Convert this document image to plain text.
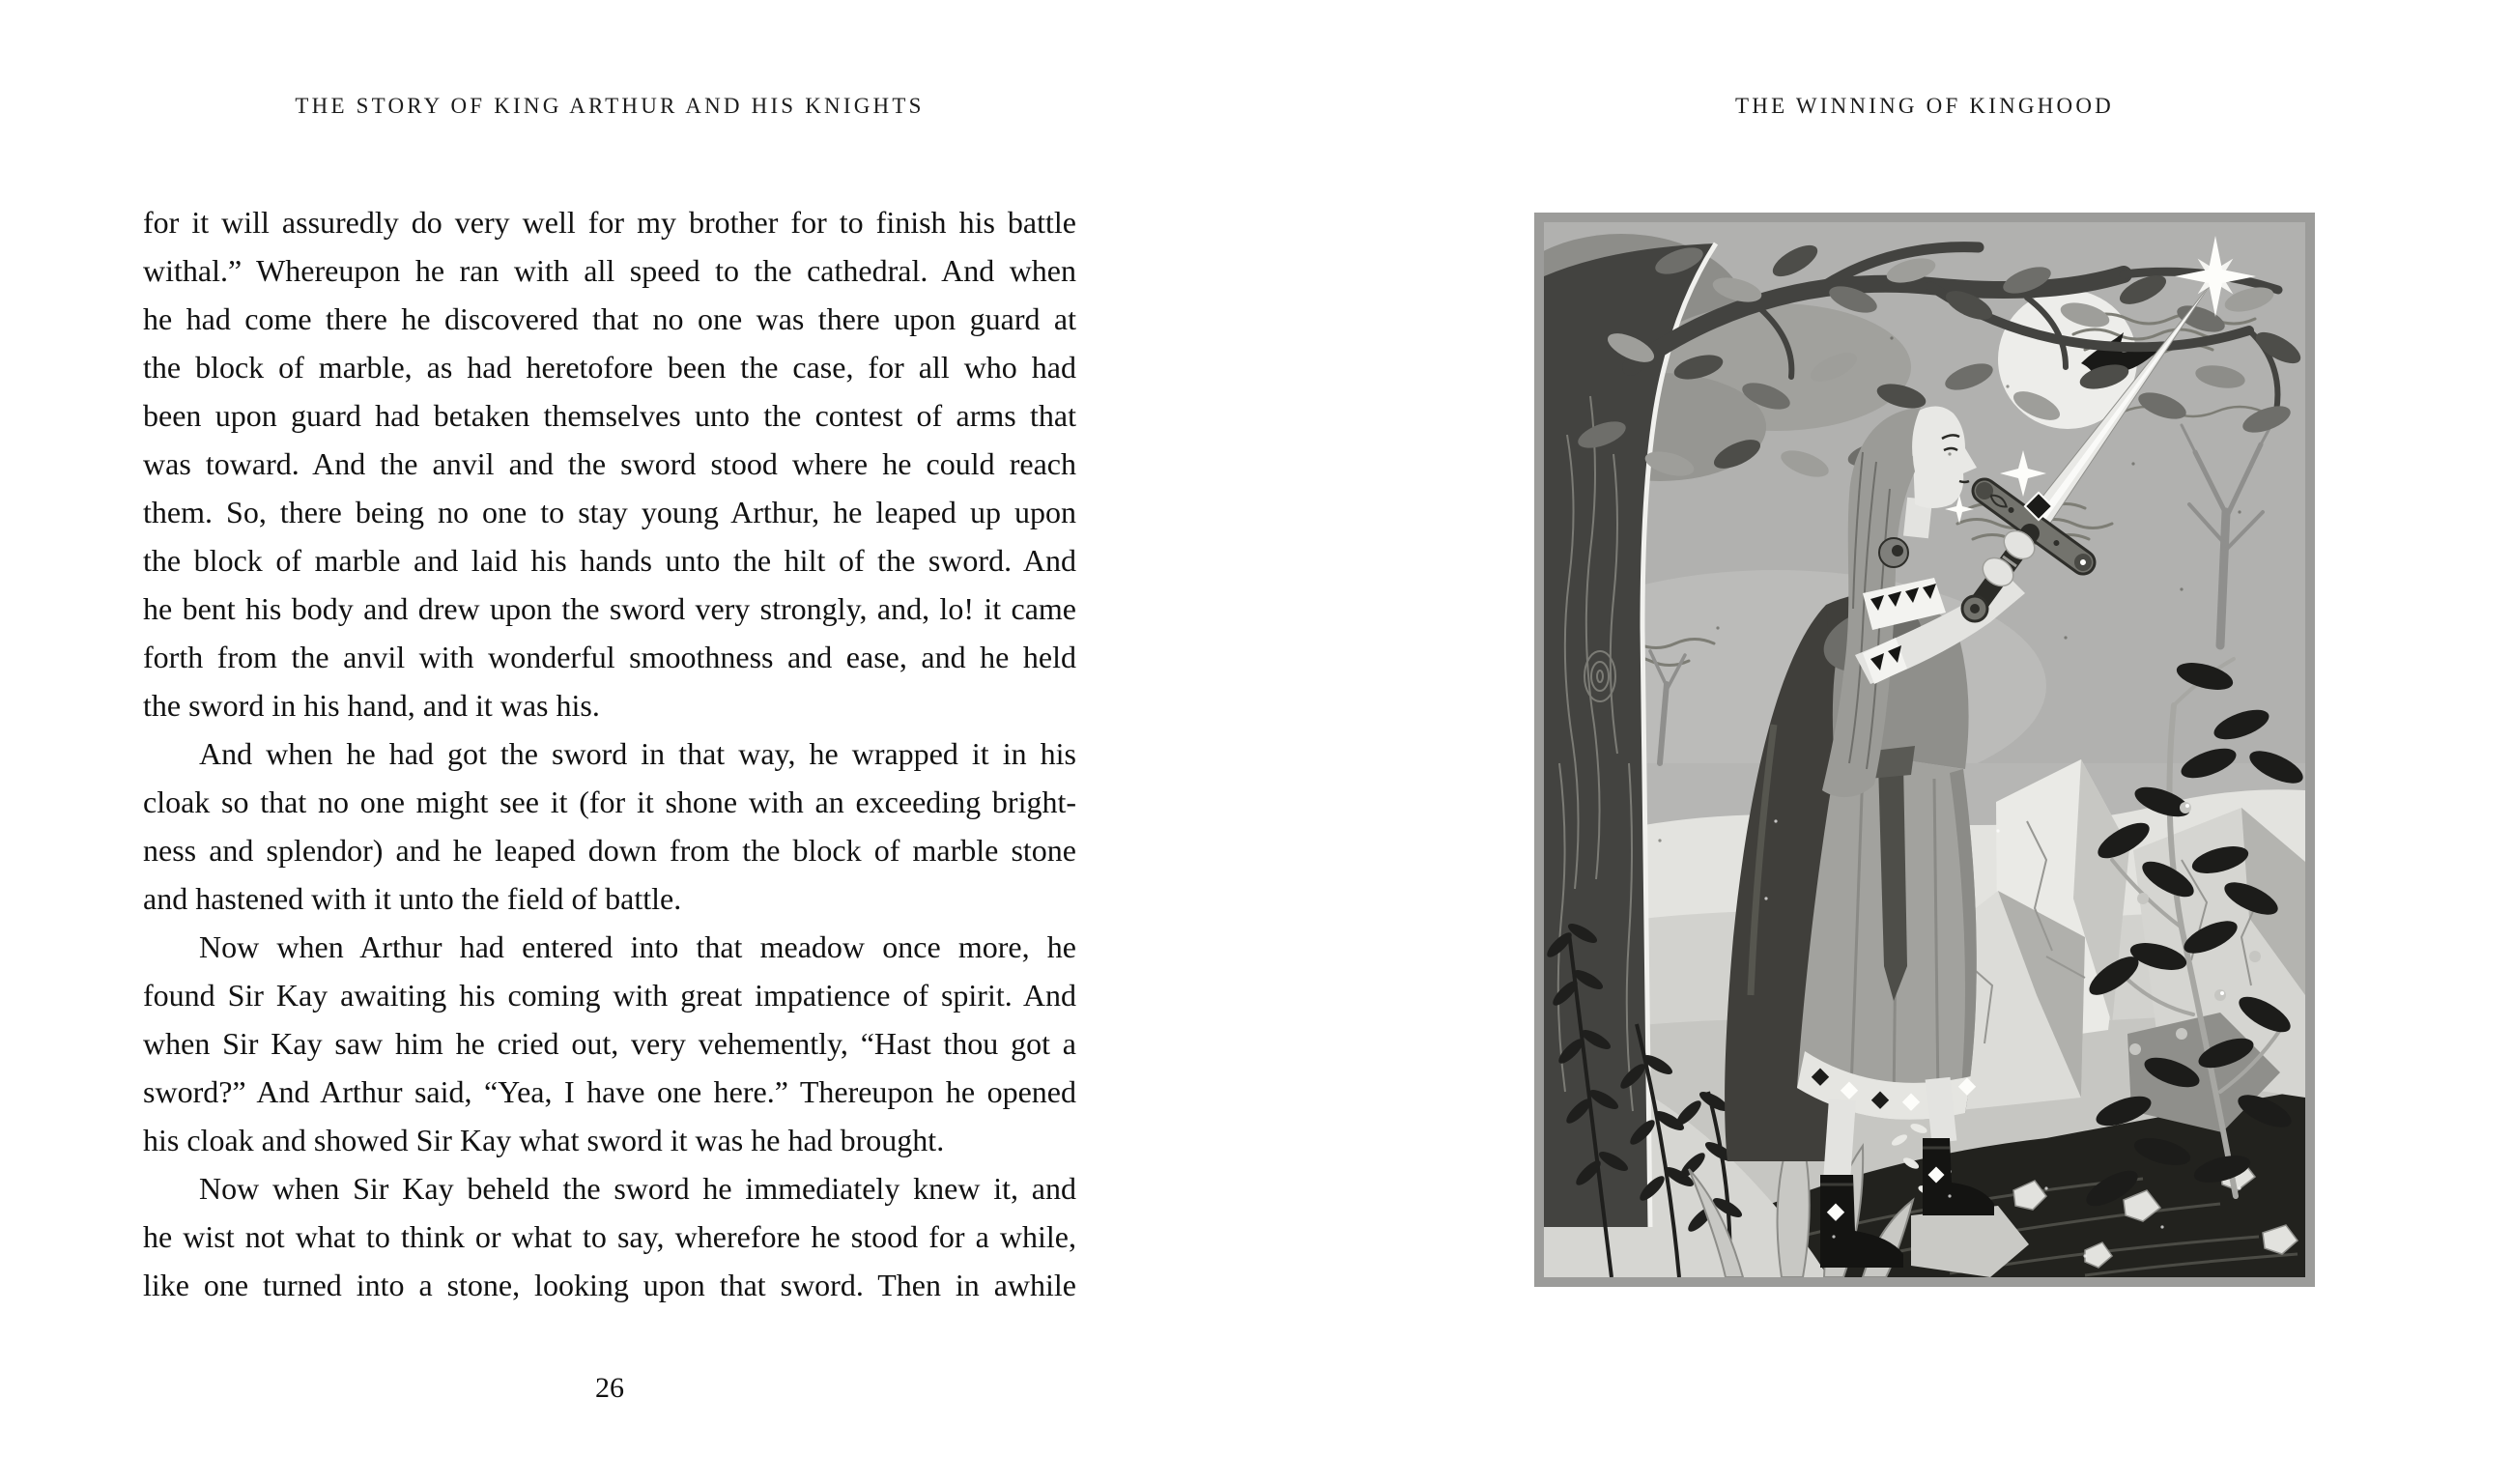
THE STORY OF KING ARTHUR AND HIS KNIGHTS
for it will assuredly do very well for my brother for to finish his battle
withal.” Whereupon he ran with all speed to the cathedral. And when
he had come there he discovered that no one was there upon guard at
the block of marble, as had heretofore been the case, for all who had
been upon guard had betaken themselves unto the contest of arms that
was toward. And the anvil and the sword stood where he could reach
them. So, there being no one to stay young Arthur, he leaped up upon
the block of marble and laid his hands unto the hilt of the sword. And
he bent his body and drew upon the sword very strongly, and, lo! it came
forth from the anvil with wonderful smoothness and ease, and he held
the sword in his hand, and it was his.
And when he had got the sword in that way, he wrapped it in his
cloak so that no one might see it (for it shone with an exceeding bright-
ness and splendor) and he leaped down from the block of marble stone
and hastened with it unto the field of battle.
Now when Arthur had entered into that meadow once more, he
found Sir Kay awaiting his coming with great impatience of spirit. And
when Sir Kay saw him he cried out, very vehemently, “Hast thou got a
sword?” And Arthur said, “Yea, I have one here.” Thereupon he opened
his cloak and showed Sir Kay what sword it was he had brought.
Now when Sir Kay beheld the sword he immediately knew it, and
he wist not what to think or what to say, wherefore he stood for a while,
like one turned into a stone, looking upon that sword. Then in awhile
26
THE WINNING OF KINGHOOD
